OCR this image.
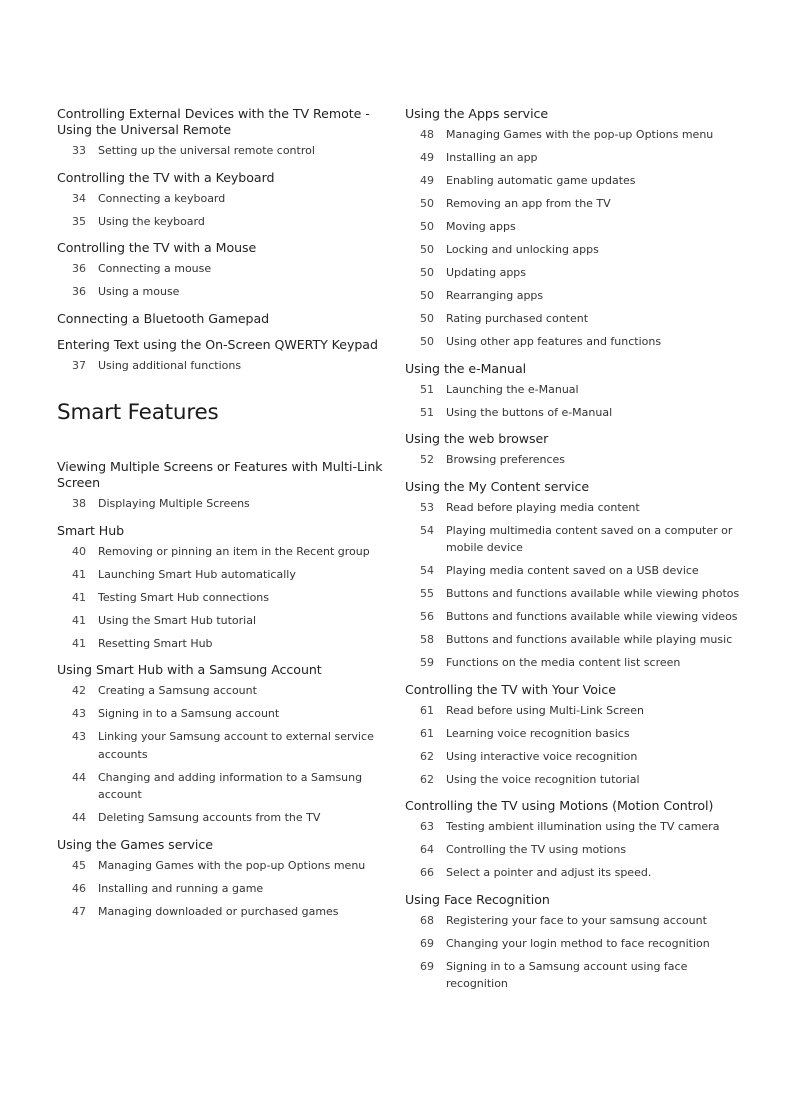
Controlling External Devices with the TV Remote - Using the Universal Remote
33	Setting up the universal remote control
Controlling the TV with a Keyboard
34	Connecting a keyboard
35	Using the keyboard
Controlling the TV with a Mouse
36	Connecting a mouse
36	Using a mouse
Connecting a Bluetooth Gamepad
Entering Text using the On-Screen QWERTY Keypad
37	Using additional functions
Smart Features
Viewing Multiple Screens or Features with Multi-Link Screen
38	Displaying Multiple Screens
Smart Hub
40	Removing or pinning an item in the Recent group
41	Launching Smart Hub automatically
41	Testing Smart Hub connections
41	Using the Smart Hub tutorial
41	Resetting Smart Hub
Using Smart Hub with a Samsung Account
42	Creating a Samsung account
43	Signing in to a Samsung account
43	Linking your Samsung account to external service accounts
44	Changing and adding information to a Samsung account
44	Deleting Samsung accounts from the TV
Using the Games service
45	Managing Games with the pop-up Options menu
46	Installing and running a game
47	Managing downloaded or purchased games
Using the Apps service
48	Managing Games with the pop-up Options menu
49	Installing an app
49	Enabling automatic game updates
50	Removing an app from the TV
50	Moving apps
50	Locking and unlocking apps
50	Updating apps
50	Rearranging apps
50	Rating purchased content
50	Using other app features and functions
Using the e-Manual
51	Launching the e-Manual
51	Using the buttons of e-Manual
Using the web browser
52	Browsing preferences
Using the My Content service
53	Read before playing media content
54	Playing multimedia content saved on a computer or mobile device
54	Playing media content saved on a USB device
55	Buttons and functions available while viewing photos
56	Buttons and functions available while viewing videos
58	Buttons and functions available while playing music
59	Functions on the media content list screen
Controlling the TV with Your Voice
61	Read before using Multi-Link Screen
61	Learning voice recognition basics
62	Using interactive voice recognition
62	Using the voice recognition tutorial
Controlling the TV using Motions (Motion Control)
63	Testing ambient illumination using the TV camera
64	Controlling the TV using motions
66	Select a pointer and adjust its speed.
Using Face Recognition
68	Registering your face to your samsung account
69	Changing your login method to face recognition
69	Signing in to a Samsung account using face recognition
